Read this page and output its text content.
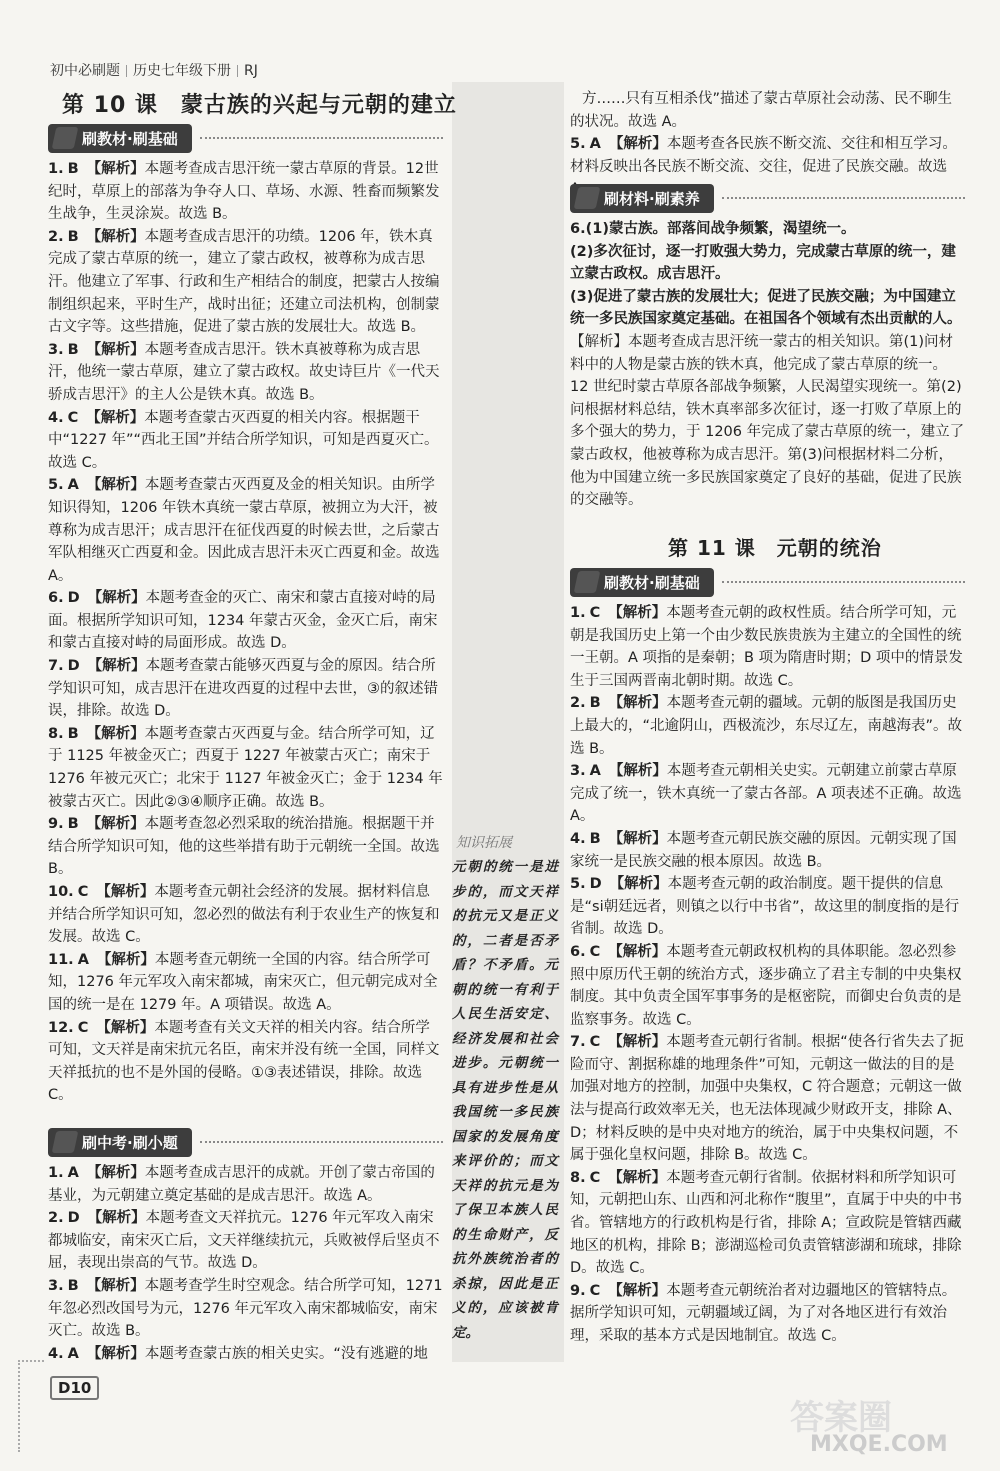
初中必刷题 历史七年级下册 RJ
第 10 课　蒙古族的兴起与元朝的建立
刷教材·刷基础
1. B 【解析】本题考查成吉思汗统一蒙古草原的背景。12世纪时，草原上的部落为争夺人口、草场、水源、牲畜而频繁发生战争，生灵涂炭。故选 B。
2. B 【解析】本题考查成吉思汗的功绩。1206 年，铁木真完成了蒙古草原的统一，建立了蒙古政权，被尊称为成吉思汗。他建立了军事、行政和生产相结合的制度，把蒙古人按编制组织起来，平时生产，战时出征；还建立司法机构，创制蒙古文字等。这些措施，促进了蒙古族的发展壮大。故选 B。
3. B 【解析】本题考查成吉思汗。铁木真被尊称为成吉思汗，他统一蒙古草原，建立了蒙古政权。故史诗巨片《一代天骄成吉思汗》的主人公是铁木真。故选 B。
4. C 【解析】本题考查蒙古灭西夏的相关内容。根据题干中“1227 年”“西北王国”并结合所学知识，可知是西夏灭亡。故选 C。
5. A 【解析】本题考查蒙古灭西夏及金的相关知识。由所学知识得知，1206 年铁木真统一蒙古草原，被拥立为大汗，被尊称为成吉思汗；成吉思汗在征伐西夏的时候去世，之后蒙古军队相继灭亡西夏和金。因此成吉思汗未灭亡西夏和金。故选 A。
6. D 【解析】本题考查金的灭亡、南宋和蒙古直接对峙的局面。根据所学知识可知，1234 年蒙古灭金，金灭亡后，南宋和蒙古直接对峙的局面形成。故选 D。
7. D 【解析】本题考查蒙古能够灭西夏与金的原因。结合所学知识可知，成吉思汗在进攻西夏的过程中去世，③的叙述错误，排除。故选 D。
8. B 【解析】本题考查蒙古灭西夏与金。结合所学可知，辽于 1125 年被金灭亡；西夏于 1227 年被蒙古灭亡；南宋于 1276 年被元灭亡；北宋于 1127 年被金灭亡；金于 1234 年被蒙古灭亡。因此②③④顺序正确。故选 B。
9. B 【解析】本题考查忽必烈采取的统治措施。根据题干并结合所学知识可知，他的这些举措有助于元朝统一全国。故选 B。
10. C 【解析】本题考查元朝社会经济的发展。据材料信息并结合所学知识可知，忽必烈的做法有利于农业生产的恢复和发展。故选 C。
11. A 【解析】本题考查元朝统一全国的内容。结合所学可知，1276 年元军攻入南宋都城，南宋灭亡，但元朝完成对全国的统一是在 1279 年。A 项错误。故选 A。
12. C 【解析】本题考查有关文天祥的相关内容。结合所学可知，文天祥是南宋抗元名臣，南宋并没有统一全国，同样文天祥抵抗的也不是外国的侵略。①③表述错误，排除。故选 C。
刷中考·刷小题
1. A 【解析】本题考查成吉思汗的成就。开创了蒙古帝国的基业，为元朝建立奠定基础的是成吉思汗。故选 A。
2. D 【解析】本题考查文天祥抗元。1276 年元军攻入南宋都城临安，南宋灭亡后，文天祥继续抗元，兵败被俘后坚贞不屈，表现出崇高的气节。故选 D。
3. B 【解析】本题考查学生时空观念。结合所学可知，1271 年忽必烈改国号为元，1276 年元军攻入南宋都城临安，南宋灭亡。故选 B。
4. A 【解析】本题考查蒙古族的相关史实。“没有逃避的地
方……只有互相杀伐”描述了蒙古草原社会动荡、民不聊生的状况。故选 A。
5. A 【解析】本题考查各民族不断交流、交往和相互学习。材料反映出各民族不断交流、交往，促进了民族交融。故选
刷材料·刷素养
6.(1)蒙古族。部落间战争频繁，渴望统一。
(2)多次征讨，逐一打败强大势力，完成蒙古草原的统一，建立蒙古政权。成吉思汗。
(3)促进了蒙古族的发展壮大；促进了民族交融；为中国建立统一多民族国家奠定基础。在祖国各个领域有杰出贡献的人。
【解析】本题考查成吉思汗统一蒙古的相关知识。第(1)问材料中的人物是蒙古族的铁木真，他完成了蒙古草原的统一。12 世纪时蒙古草原各部战争频繁，人民渴望实现统一。第(2)问根据材料总结，铁木真率部多次征讨，逐一打败了草原上的多个强大的势力，于 1206 年完成了蒙古草原的统一，建立了蒙古政权，他被尊称为成吉思汗。第(3)问根据材料二分析，他为中国建立统一多民族国家奠定了良好的基础，促进了民族的交融等。
第 11 课　元朝的统治
刷教材·刷基础
1. C 【解析】本题考查元朝的政权性质。结合所学可知，元朝是我国历史上第一个由少数民族贵族为主建立的全国性的统一王朝。A 项指的是秦朝；B 项为隋唐时期；D 项中的情景发生于三国两晋南北朝时期。故选 C。
2. B 【解析】本题考查元朝的疆域。元朝的版图是我国历史上最大的，“北逾阴山，西极流沙，东尽辽左，南越海表”。故选 B。
3. A 【解析】本题考查元朝相关史实。元朝建立前蒙古草原完成了统一，铁木真统一了蒙古各部。A 项表述不正确。故选 A。
4. B 【解析】本题考查元朝民族交融的原因。元朝实现了国家统一是民族交融的根本原因。故选 B。
5. D 【解析】本题考查元朝的政治制度。题干提供的信息是“si朝廷远者，则镇之以行中书省”，故这里的制度指的是行省制。故选 D。
6. C 【解析】本题考查元朝政权机构的具体职能。忽必烈参照中原历代王朝的统治方式，逐步确立了君主专制的中央集权制度。其中负责全国军事事务的是枢密院，而御史台负责的是监察事务。故选 C。
7. C 【解析】本题考查元朝行省制。根据“使各行省失去了扼险而守、割据称雄的地理条件”可知，元朝这一做法的目的是加强对地方的控制，加强中央集权，C 符合题意；元朝这一做法与提高行政效率无关，也无法体现减少财政开支，排除 A、D；材料反映的是中央对地方的统治，属于中央集权问题，不属于强化皇权问题，排除 B。故选 C。
8. C 【解析】本题考查元朝行省制。依据材料和所学知识可知，元朝把山东、山西和河北称作“腹里”，直属于中央的中书省。管辖地方的行政机构是行省，排除 A；宣政院是管辖西藏地区的机构，排除 B；澎湖巡检司负责管辖澎湖和琉球，排除 D。故选 C。
9. C 【解析】本题考查元朝统治者对边疆地区的管辖特点。据所学知识可知，元朝疆域辽阔，为了对各地区进行有效治理，采取的基本方式是因地制宜。故选 C。
知识拓展
元朝的统一是进步的，而文天祥的抗元又是正义的，二者是否矛盾？不矛盾。元朝的统一有利于人民生活安定、经济发展和社会进步。元朝统一具有进步性是从我国统一多民族国家的发展角度来评价的；而文天祥的抗元是为了保卫本族人民的生命财产，反抗外族统治者的杀掠，因此是正义的，应该被肯定。
D10
答案圈
MXQE.COM
